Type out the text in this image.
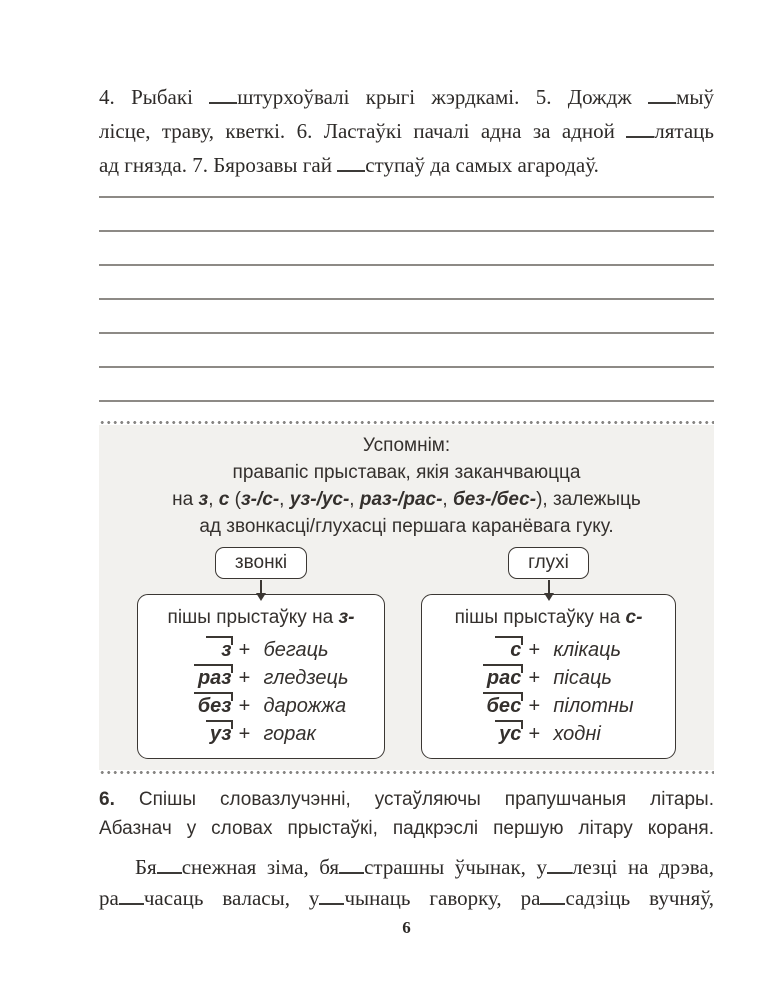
4. Рыбакі штурхоўвалі крыгі жэрдкамі. 5. Дождж мыў
лісце, траву, кветкі. 6. Ластаўкі пачалі адна за адной лятаць
ад гнязда. 7. Бярозавы гай ступаў да самых агародаў.
Успомнім:
правапіс прыставак, якія заканчваюцца
на з, с (з-/с-, уз-/ус-, раз-/рас-, без-/бес-), залежыць
ад звонкасці/глухасці першага каранёвага гуку.
звонкі
пішы прыстаўку на з-
з + бегаць
раз + гледзець
без + дарожжа
уз + горак
глухі
пішы прыстаўку на с-
с + клікаць
рас + пісаць
бес + пілотны
ус + ходні
6. Спішы словазлучэнні, устаўляючы прапушчаныя літары.
Абазнач у словах прыстаўкі, падкрэслі першую літару кораня.
Бя снежная зіма, бя страшны ўчынак, у лезці на дрэва,
ра часаць валасы, у чынаць гаворку, ра садзіць вучняў,
6
